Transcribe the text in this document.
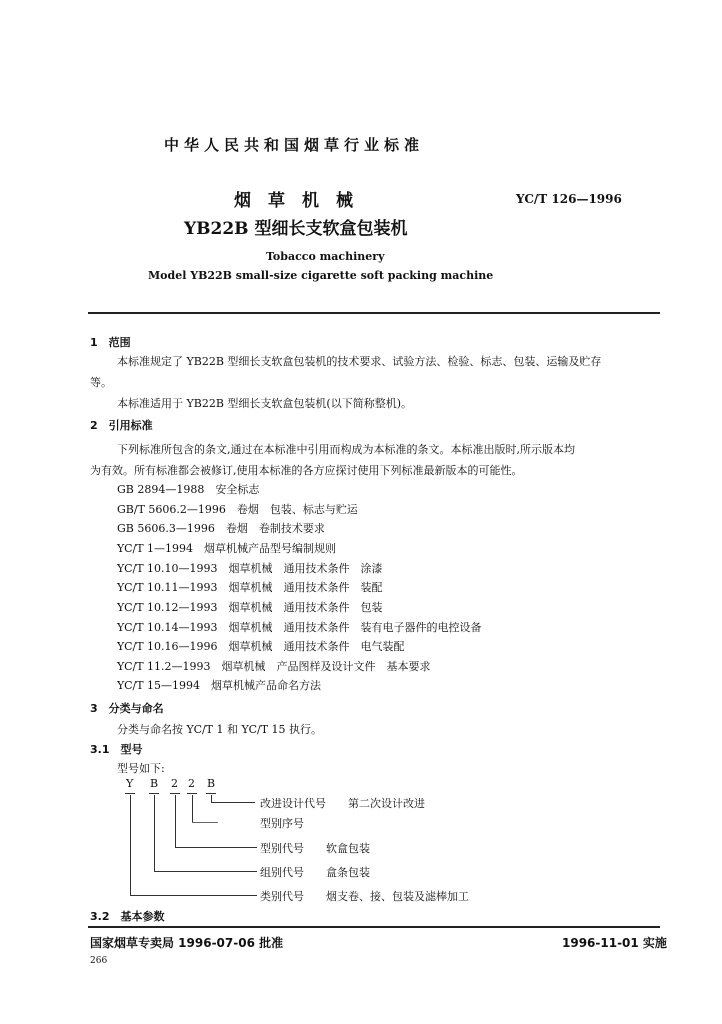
中华人民共和国烟草行业标准
烟　草　机　械	YC/T 126—1996
YB22B 型细长支软盒包装机
Tobacco machinery
Model YB22B small-size cigarette soft packing machine
1　范围
本标准规定了 YB22B 型细长支软盒包装机的技术要求、试验方法、检验、标志、包装、运输及贮存
等。
本标准适用于 YB22B 型细长支软盒包装机(以下简称整机)。
2　引用标准
下列标准所包含的条文,通过在本标准中引用而构成为本标准的条文。本标准出版时,所示版本均
为有效。所有标准都会被修订,使用本标准的各方应探讨使用下列标准最新版本的可能性。
GB 2894—1988　安全标志
GB/T 5606.2—1996　卷烟　包装、标志与贮运
GB 5606.3—1996　卷烟　卷制技术要求
YC/T 1—1994　烟草机械产品型号编制规则
YC/T 10.10—1993　烟草机械　通用技术条件　涂漆
YC/T 10.11—1993　烟草机械　通用技术条件　装配
YC/T 10.12—1993　烟草机械　通用技术条件　包装
YC/T 10.14—1993　烟草机械　通用技术条件　装有电子器件的电控设备
YC/T 10.16—1996　烟草机械　通用技术条件　电气装配
YC/T 11.2—1993　烟草机械　产品图样及设计文件　基本要求
YC/T 15—1994　烟草机械产品命名方法
3　分类与命名
分类与命名按 YC/T 1 和 YC/T 15 执行。
3.1　型号
型号如下:
Y B 2 2 B
改进设计代号　　第二次设计改进
型别序号
型别代号　　软盒包装
组别代号　　盒条包装
类别代号　　烟支卷、接、包装及滤棒加工
3.2　基本参数
国家烟草专卖局 1996-07-06 批准	1996-11-01 实施
266
